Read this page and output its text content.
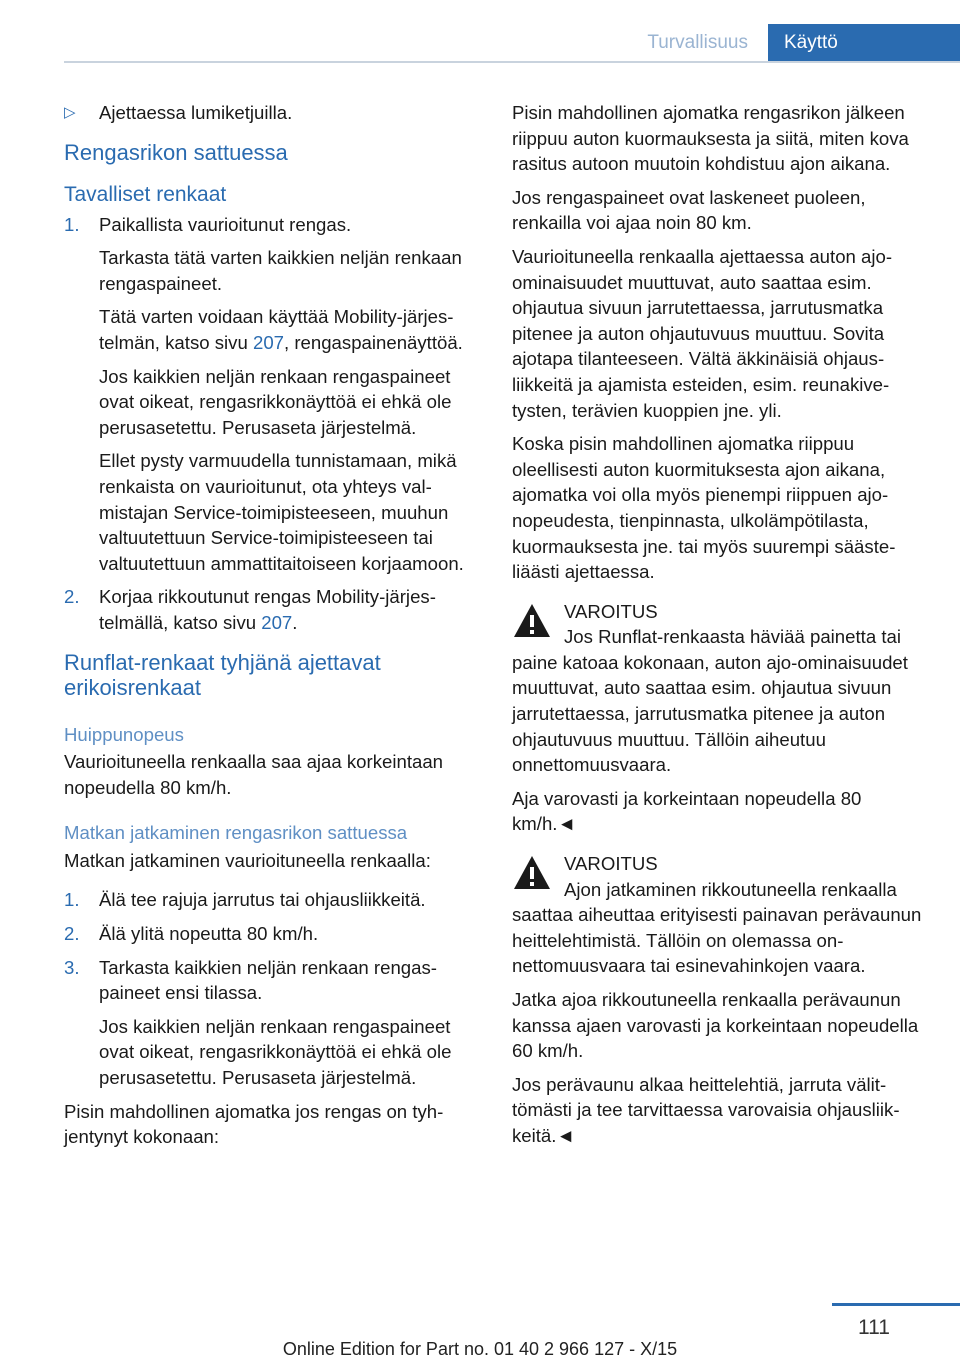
Turvallisuus	Käyttö
▷	Ajettaessa lumiketjuilla.
Rengasrikon sattuessa
Tavalliset renkaat
1.	Paikallista vaurioitunut rengas.

Tarkasta tätä varten kaikkien neljän renkaan rengaspaineet.

Tätä varten voidaan käyttää Mobility-järjestelmän, katso sivu 207, rengaspainenäyttöä.

Jos kaikkien neljän renkaan rengaspaineet ovat oikeat, rengasrikkonäyttöä ei ehkä ole perusasetettu. Perusaseta järjestelmä.

Ellet pysty varmuudella tunnistamaan, mikä renkaista on vaurioitunut, ota yhteys valmistajan Service-toimipisteeseen, muuhun valtuutettuun Service-toimipisteeseen tai valtuutettuun ammattitaitoiseen korjaamoon.

2.	Korjaa rikkoutunut rengas Mobility-järjestelmällä, katso sivu 207.

Runflat-renkaat tyhjänä ajettavat erikoisrenkaat
Huippunopeus

Vaurioituneella renkaalla saa ajaa korkeintaan nopeudella 80 km/h.

Matkan jatkaminen rengasrikon sattuessa

Matkan jatkaminen vaurioituneella renkaalla:

1.	Älä tee rajuja jarrutus tai ohjausliikkeitä.

2.	Älä ylitä nopeutta 80 km/h.

3.	Tarkasta kaikkien neljän renkaan rengaspaineet ensi tilassa.

Jos kaikkien neljän renkaan rengaspaineet ovat oikeat, rengasrikkonäyttöä ei ehkä ole perusasetettu. Perusaseta järjestelmä.

Pisin mahdollinen ajomatka jos rengas on tyhjentynyt kokonaan:

Pisin mahdollinen ajomatka rengasrikon jälkeen riippuu auton kuormauksesta ja siitä, miten kova rasitus autoon muutoin kohdistuu ajon aikana.

Jos rengaspaineet ovat laskeneet puoleen, renkailla voi ajaa noin 80 km.

Vaurioituneella renkaalla ajettaessa auton ajoominaisuudet muuttuvat, auto saattaa esim. ohjautua sivuun jarrutettaessa, jarrutusmatka pitenee ja auton ohjautuvuus muuttuu. Sovita ajotapa tilanteeseen. Vältä äkkinäisiä ohjausliikkeitä ja ajamista esteiden, esim. reunakivetysten, terävien kuoppien jne. yli.

Koska pisin mahdollinen ajomatka riippuu oleellisesti auton kuormituksesta ajon aikana, ajomatka voi olla myös pienempi riippuen ajonopeudesta, tienpinnasta, ulkolämpötilasta, kuormauksesta jne. tai myös suurempi säästeliäästi ajettaessa.

VAROITUS
Jos Runflat-renkaasta häviää painetta tai paine katoaa kokonaan, auton ajo-ominaisuudet muuttuvat, auto saattaa esim. ohjautua sivuun jarrutettaessa, jarrutusmatka pitenee ja auton ohjautuvuus muuttuu. Tällöin aiheutuu onnettomuusvaara.

Aja varovasti ja korkeintaan nopeudella 80 km/h.◄

VAROITUS
Ajon jatkaminen rikkoutuneella renkaalla saattaa aiheuttaa erityisesti painavan perävaunun heittelehtimistä. Tällöin on olemassa onnettomuusvaara tai esinevahinkojen vaara.

Jatka ajoa rikkoutuneella renkaalla perävaunun kanssa ajaen varovasti ja korkeintaan nopeudella 60 km/h.

Jos perävaunu alkaa heittelehtiä, jarruta välittömästi ja tee tarvittaessa varovaisia ohjausliikkeitä.◄

111
Online Edition for Part no. 01 40 2 966 127 - X/15
